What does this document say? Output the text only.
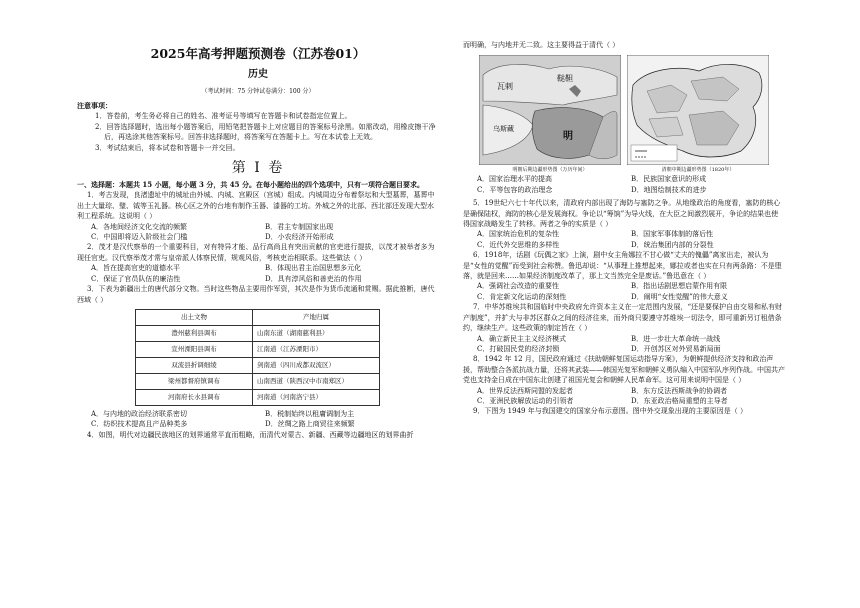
2025年高考押题预测卷（江苏卷01）

历史

（考试时间：75 分钟试卷满分：100 分）

注意事项：

1．答卷前，考生务必将自己的姓名、准考证号等填写在答题卡和试卷指定位置上。

2．回答选择题时，选出每小题答案后，用铅笔把答题卡上对应题目的答案标号涂黑。如需改动，用橡皮擦干净后，再选涂其他答案标号。回答非选择题时，将答案写在答题卡上。写在本试卷上无效。

3．考试结束后，将本试卷和答题卡一并交回。

第 I 卷

一、选择题：本题共 15 小题，每小题 3 分，共 45 分。在每小题给出的四个选项中，只有一项符合题目要求。

1．考古发现，良渚遗址中的城址由外城、内城、宫殿区（宫城）组成。内城周边分布着祭坛和大型墓葬，墓葬中出土大量琮、璧、钺等玉礼器。核心区之外的台地有制作玉器、漆器的工坊。外城之外的北部、西北部还发现大型水利工程系统。这说明（ ）

A．各地间经济文化交流的频繁	B．君主专制国家出现
C．中国即将迈入阶级社会门槛	D．小农经济开始形成

2．茂才是汉代察举的一个重要科目，对有特异才能、品行高尚且有突出贡献的官吏进行提拔，以茂才被举者多为现任官吏。汉代察举茂才常与皇帝派人体察民情，规观风俗，考核吏治相联系。这些做法（ ）

A．旨在提高官吏的道德水平	B．体现出君主治国思想多元化
C．保证了官员队伍的廉洁性	D．具有淳风俗和善吏治的作用

3．下表为新疆出土的唐代部分文物。当时这些物品主要用作军资，其次是作为货币流通和赏赐。据此推断，唐代西域（ ）

出土文物	产地归属
澧州慈利县调布	山南东道（湖南慈利县）
宣州溧阳县调布	江南道（江苏溧阳市）
双流县折调细绫	剑南道（四川成都双流区）
梁州都督府镇调布	山南西道（陕西汉中市南郑区）
河南府长水县调布	河南道（河南洛宁县）
A．与内地的政治经济联系密切	B．税制始终以租庸调制为主
C．纺织技术提高且产品种类多	D．丝绸之路上商贸往来频繁

4．如图，明代对边疆民族地区的划界通常平直而粗略，而清代对蒙古、新疆、西藏等边疆地区的划界曲折

而明确，与内地并无二致。这主要得益于清代（ ）

鞑靼
瓦剌
乌斯藏
明
明朝后期边疆形势图（万历年间）	清朝中期边疆形势图（1820年）
A．国家治理水平的提高	B．民族国家意识的形成
C．平等包容的政治理念	D．地图绘制技术的进步

5．19世纪六七十年代以来，清政府内部出现了海防与塞防之争。从地缘政治的角度看，塞防的核心是确保陆权，海防的核心是发展海权。争论以“筹饷”为导火线，在大臣之间激烈展开，争论的结果也使得国家战略发生了转移。两者之争的实质是（ ）

A．国家统治危机的复杂性	B．国家军事体制的落后性
C．近代外交思维的多样性	D．统治集团内部的分裂性

6．1918年，话剧《玩偶之家》上演，剧中女主角娜拉不甘心做“丈夫的傀儡”离家出走，被认为是“女性的觉醒”而受到社会称赞。鲁迅却说：“从事理上推想起来，娜拉或者也实在只有两条路：不是堕落，就是回来……如果经济制度改革了，那上文当然完全是废话。”鲁迅意在（ ）

A．强调社会改造的重要性	B．指出话剧思想启蒙作用有限
C．肯定新文化运动的深刻性	D．阐明“女性觉醒”的伟大意义

7．中华苏维埃共和国临时中央政府允许资本主义在一定范围内发展，“还是要保护自由交易和私有财产制度”，并扩大与非苏区群众之间的经济往来，而外商只要遵守苏维埃一切法令，即可重新另订租借条约，继续生产。这些政策的制定旨在（ ）

A．确立新民主主义经济模式	B．进一步壮大革命统一战线
C．打破国民党的经济封锁	D．开创苏区对外贸易新局面

8．1942 年 12 月，国民政府通过《扶助朝鲜复国运动指导方案》，为朝鲜提供经济支持和政治声援，帮助整合各派抗战力量，还将其武装——韩国光复军和朝鲜义勇队编入中国军队序列作战。中国共产党也支持金日成在中国东北创建了祖国光复会和朝鲜人民革命军。这可用来说明中国是（ ）

A．世界反法西斯同盟的发起者	B．东方反法西斯战争的协调者
C．亚洲民族解放运动的引领者	D．东亚政治格局重塑的主导者

9．下图为 1949 年与我国建交的国家分布示意图。图中外交现象出现的主要原因是（ ）
